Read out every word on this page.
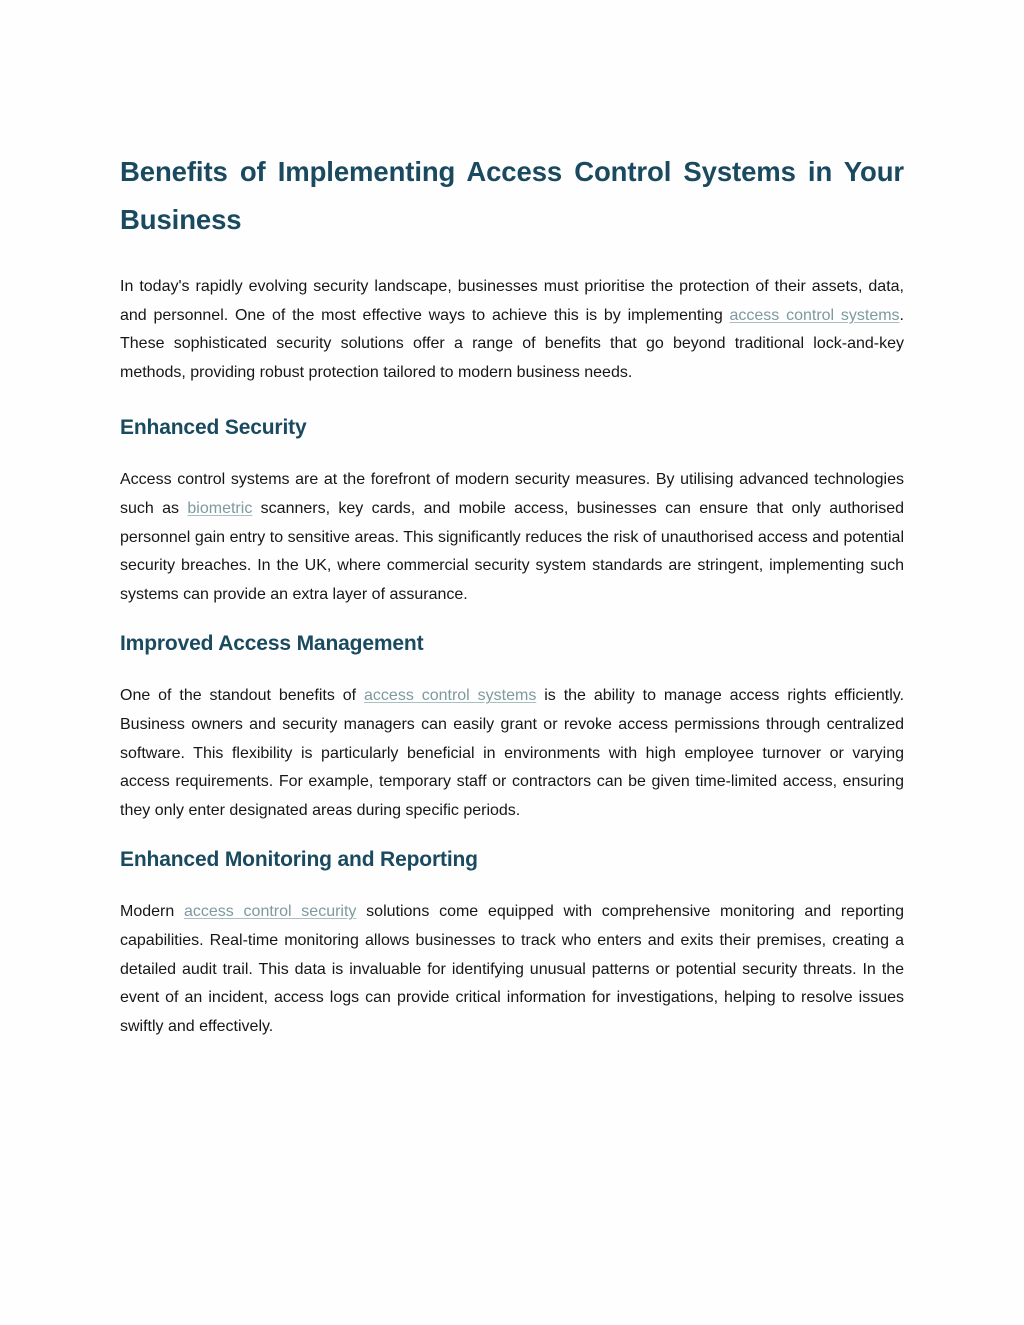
Benefits of Implementing Access Control Systems in Your Business

In today's rapidly evolving security landscape, businesses must prioritise the protection of their assets, data, and personnel. One of the most effective ways to achieve this is by implementing access control systems. These sophisticated security solutions offer a range of benefits that go beyond traditional lock-and-key methods, providing robust protection tailored to modern business needs.

Enhanced Security

Access control systems are at the forefront of modern security measures. By utilising advanced technologies such as biometric scanners, key cards, and mobile access, businesses can ensure that only authorised personnel gain entry to sensitive areas. This significantly reduces the risk of unauthorised access and potential security breaches. In the UK, where commercial security system standards are stringent, implementing such systems can provide an extra layer of assurance.

Improved Access Management

One of the standout benefits of access control systems is the ability to manage access rights efficiently. Business owners and security managers can easily grant or revoke access permissions through centralized software. This flexibility is particularly beneficial in environments with high employee turnover or varying access requirements. For example, temporary staff or contractors can be given time-limited access, ensuring they only enter designated areas during specific periods.

Enhanced Monitoring and Reporting

Modern access control security solutions come equipped with comprehensive monitoring and reporting capabilities. Real-time monitoring allows businesses to track who enters and exits their premises, creating a detailed audit trail. This data is invaluable for identifying unusual patterns or potential security threats. In the event of an incident, access logs can provide critical information for investigations, helping to resolve issues swiftly and effectively.
